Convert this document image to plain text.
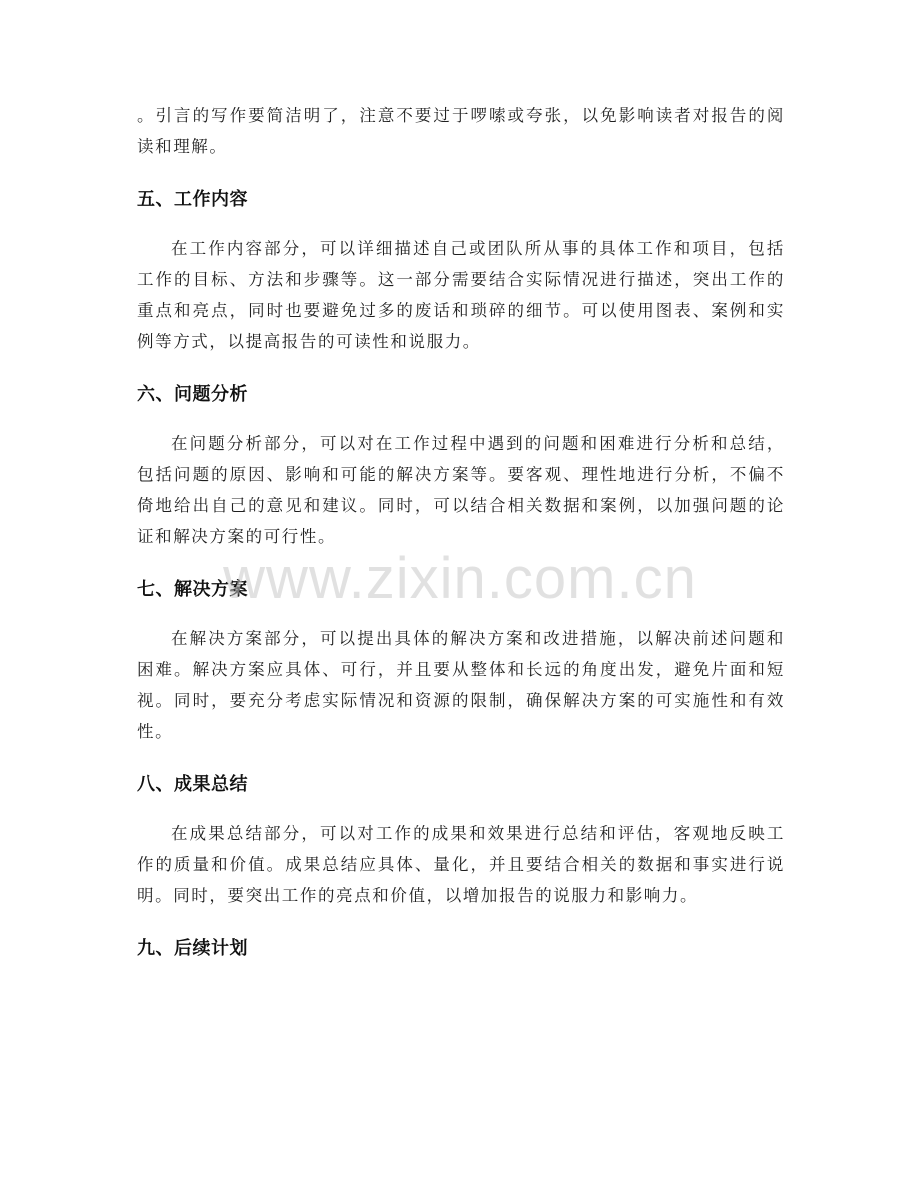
。引言的写作要简洁明了，注意不要过于啰嗦或夸张，以免影响读者对报告的阅读和理解。

五、工作内容

在工作内容部分，可以详细描述自己或团队所从事的具体工作和项目，包括工作的目标、方法和步骤等。这一部分需要结合实际情况进行描述，突出工作的重点和亮点，同时也要避免过多的废话和琐碎的细节。可以使用图表、案例和实例等方式，以提高报告的可读性和说服力。

六、问题分析

在问题分析部分，可以对在工作过程中遇到的问题和困难进行分析和总结，包括问题的原因、影响和可能的解决方案等。要客观、理性地进行分析，不偏不倚地给出自己的意见和建议。同时，可以结合相关数据和案例，以加强问题的论证和解决方案的可行性。

七、解决方案

在解决方案部分，可以提出具体的解决方案和改进措施，以解决前述问题和困难。解决方案应具体、可行，并且要从整体和长远的角度出发，避免片面和短视。同时，要充分考虑实际情况和资源的限制，确保解决方案的可实施性和有效性。

八、成果总结

在成果总结部分，可以对工作的成果和效果进行总结和评估，客观地反映工作的质量和价值。成果总结应具体、量化，并且要结合相关的数据和事实进行说明。同时，要突出工作的亮点和价值，以增加报告的说服力和影响力。

九、后续计划
www.zixin.com.cn
